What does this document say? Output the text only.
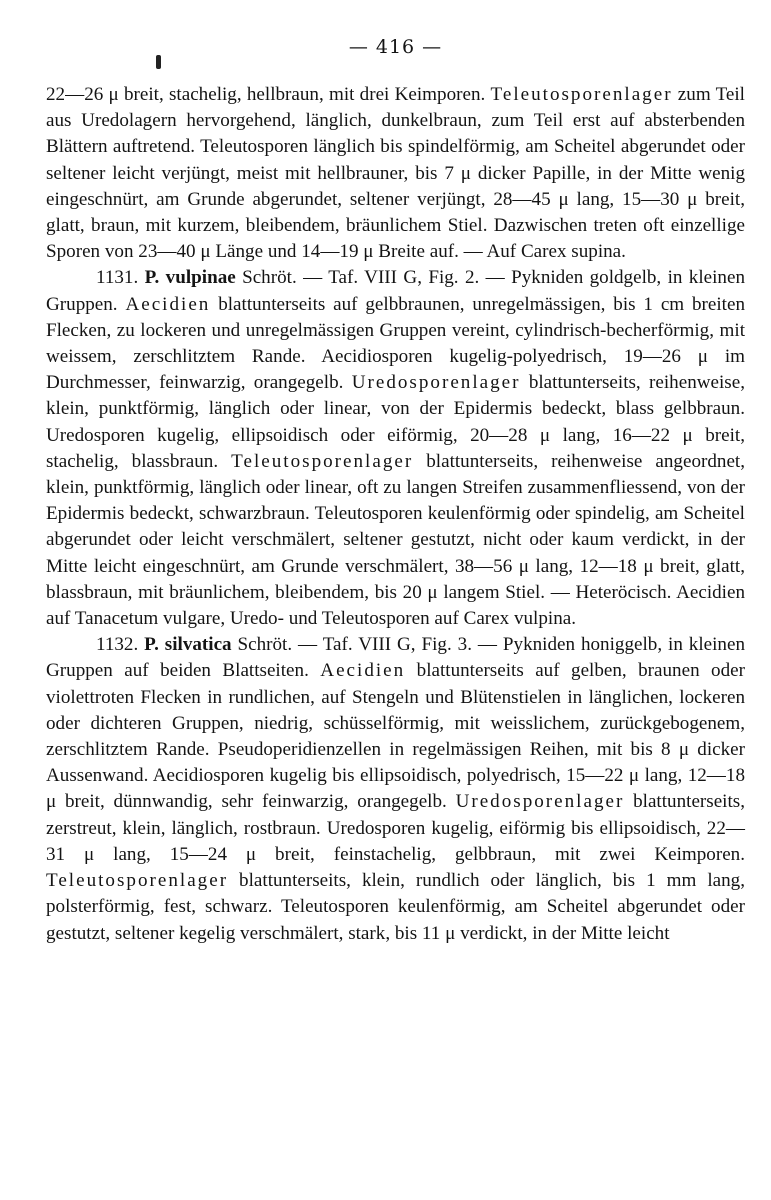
— 416 —

22—26 μ breit, stachelig, hellbraun, mit drei Keimporen. Teleutosporenlager zum Teil aus Uredolagern hervorgehend, länglich, dunkelbraun, zum Teil erst auf absterbenden Blättern auftretend. Teleutosporen länglich bis spindelförmig, am Scheitel abgerundet oder seltener leicht verjüngt, meist mit hellbrauner, bis 7 μ dicker Papille, in der Mitte wenig eingeschnürt, am Grunde abgerundet, seltener verjüngt, 28—45 μ lang, 15—30 μ breit, glatt, braun, mit kurzem, bleibendem, bräunlichem Stiel. Dazwischen treten oft einzellige Sporen von 23—40 μ Länge und 14—19 μ Breite auf. — Auf Carex supina.

1131. P. vulpinae Schröt. — Taf. VIII G, Fig. 2. — Pykniden goldgelb, in kleinen Gruppen. Aecidien blattunterseits auf gelbbraunen, unregelmässigen, bis 1 cm breiten Flecken, zu lockeren und unregelmässigen Gruppen vereint, cylindrisch-becherförmig, mit weissem, zerschlitztem Rande. Aecidiosporen kugelig-polyedrisch, 19—26 μ im Durchmesser, feinwarzig, orangegelb. Uredosporenlager blattunterseits, reihenweise, klein, punktförmig, länglich oder linear, von der Epidermis bedeckt, blass gelbbraun. Uredosporen kugelig, ellipsoidisch oder eiförmig, 20—28 μ lang, 16—22 μ breit, stachelig, blassbraun. Teleutosporenlager blattunterseits, reihenweise angeordnet, klein, punktförmig, länglich oder linear, oft zu langen Streifen zusammenfliessend, von der Epidermis bedeckt, schwarzbraun. Teleutosporen keulenförmig oder spindelig, am Scheitel abgerundet oder leicht verschmälert, seltener gestutzt, nicht oder kaum verdickt, in der Mitte leicht eingeschnürt, am Grunde verschmälert, 38—56 μ lang, 12—18 μ breit, glatt, blassbraun, mit bräunlichem, bleibendem, bis 20 μ langem Stiel. — Heteröcisch. Aecidien auf Tanacetum vulgare, Uredo- und Teleutosporen auf Carex vulpina.

1132. P. silvatica Schröt. — Taf. VIII G, Fig. 3. — Pykniden honiggelb, in kleinen Gruppen auf beiden Blattseiten. Aecidien blattunterseits auf gelben, braunen oder violettroten Flecken in rundlichen, auf Stengeln und Blütenstielen in länglichen, lockeren oder dichteren Gruppen, niedrig, schüsselförmig, mit weisslichem, zurückgebogenem, zerschlitztem Rande. Pseudoperidienzellen in regelmässigen Reihen, mit bis 8 μ dicker Aussenwand. Aecidiosporen kugelig bis ellipsoidisch, polyedrisch, 15—22 μ lang, 12—18 μ breit, dünnwandig, sehr feinwarzig, orangegelb. Uredosporenlager blattunterseits, zerstreut, klein, länglich, rostbraun. Uredosporen kugelig, eiförmig bis ellipsoidisch, 22—31 μ lang, 15—24 μ breit, feinstachelig, gelbbraun, mit zwei Keimporen. Teleutosporenlager blattunterseits, klein, rundlich oder länglich, bis 1 mm lang, polsterförmig, fest, schwarz. Teleutosporen keulenförmig, am Scheitel abgerundet oder gestutzt, seltener kegelig verschmälert, stark, bis 11 μ verdickt, in der Mitte leicht
